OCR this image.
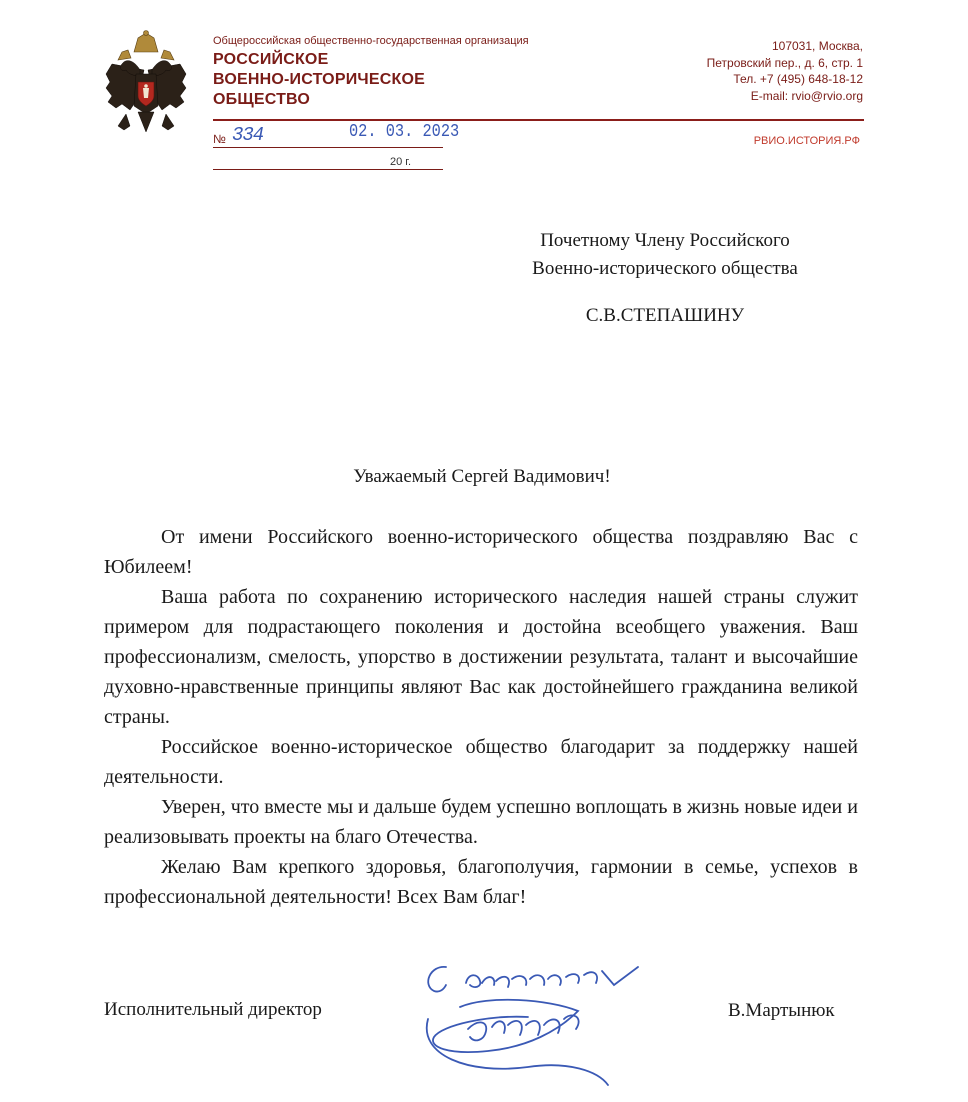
Общероссийская общественно-государственная организация
РОССИЙСКОЕ
ВОЕННО-ИСТОРИЧЕСКОЕ
ОБЩЕСТВО
107031, Москва,
Петровский пер., д. 6, стр. 1
Тел. +7 (495) 648-18-12
E-mail: rvio@rvio.org
№ 334	02. 03. 2023
20 г.
РВИО.ИСТОРИЯ.РФ
Почетному Члену Российского
Военно-исторического общества
С.В.СТЕПАШИНУ
Уважаемый Сергей Вадимович!

От имени Российского военно-исторического общества поздравляю Вас с Юбилеем!

Ваша работа по сохранению исторического наследия нашей страны служит примером для подрастающего поколения и достойна всеобщего уважения. Ваш профессионализм, смелость, упорство в достижении результата, талант и высочайшие духовно-нравственные принципы являют Вас как достойнейшего гражданина великой страны.

Российское военно-историческое общество благодарит за поддержку нашей деятельности.

Уверен, что вместе мы и дальше будем успешно воплощать в жизнь новые идеи и реализовывать проекты на благо Отечества.

Желаю Вам крепкого здоровья, благополучия, гармонии в семье, успехов в профессиональной деятельности! Всех Вам благ!

Исполнительный директор
С уважением,
В.Мартынюк
